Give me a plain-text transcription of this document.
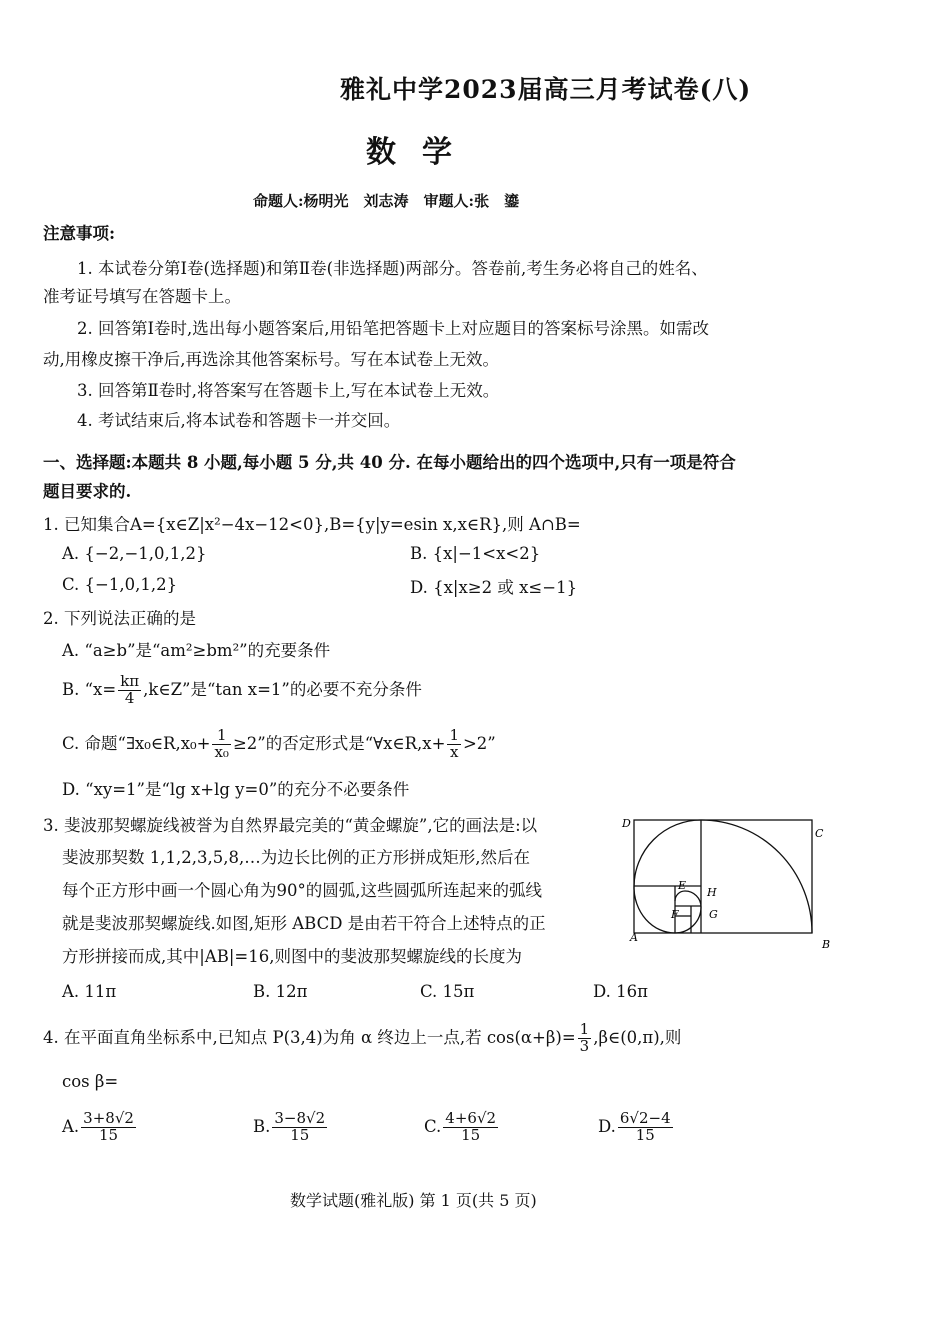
雅礼中学2023届高三月考试卷(八)
数学
命题人:杨明光　刘志涛　审题人:张　鎏
注意事项:
1. 本试卷分第Ⅰ卷(选择题)和第Ⅱ卷(非选择题)两部分。答卷前,考生务必将自己的姓名、
准考证号填写在答题卡上。
2. 回答第Ⅰ卷时,选出每小题答案后,用铅笔把答题卡上对应题目的答案标号涂黑。如需改
动,用橡皮擦干净后,再选涂其他答案标号。写在本试卷上无效。
3. 回答第Ⅱ卷时,将答案写在答题卡上,写在本试卷上无效。
4. 考试结束后,将本试卷和答题卡一并交回。
一、选择题:本题共 8 小题,每小题 5 分,共 40 分. 在每小题给出的四个选项中,只有一项是符合
题目要求的.
1. 已知集合A={x∈Z|x²−4x−12<0},B={y|y=esin x,x∈R},则 A∩B=
A. {−2,−1,0,1,2}	B. {x|−1<x<2}
C. {−1,0,1,2}	D. {x|x≥2 或 x≤−1}
2. 下列说法正确的是
A. “a≥b”是“am²≥bm²”的充要条件
B. “$x= \frac{k\pi}{4}$ ,k∈Z”是“tan x=1”的必要不充分条件
C. 命题“∃x₀∈R,x₀+ $\frac{1}{\text{x₀}} \ge 2$”的否定形式是“∀x∈R,x+ $\frac{1}{x} >2$”
D. “xy=1”是“lg x+lg y=0”的充分不必要条件
3. 斐波那契螺旋线被誉为自然界最完美的“黄金螺旋”,它的画法是:以
斐波那契数 1,1,2,3,5,8,…为边长比例的正方形拼成矩形,然后在
每个正方形中画一个圆心角为90°的圆弧,这些圆弧所连起来的弧线
就是斐波那契螺旋线.如图,矩形 ABCD 是由若干符合上述特点的正
方形拼接而成,其中|AB|=16,则图中的斐波那契螺旋线的长度为
A. 11π	B. 12π	C. 15π	D. 16π
D
C
A
B
E
H
F	G
4. 在平面直角坐标系中,已知点 P(3,4)为角 α 终边上一点,若 $\cos(\alpha+\beta)= \frac{1}{3}$ ,β∈(0,π),则
cos β=
A. $\frac{3+8√2}{15}$	B. $\frac{3-8√2}{15}$	C. $\frac{4+6√2}{15}$	D. $\frac{6√2-4}{15}$
数学试题(雅礼版) 第 1 页(共 5 页)
